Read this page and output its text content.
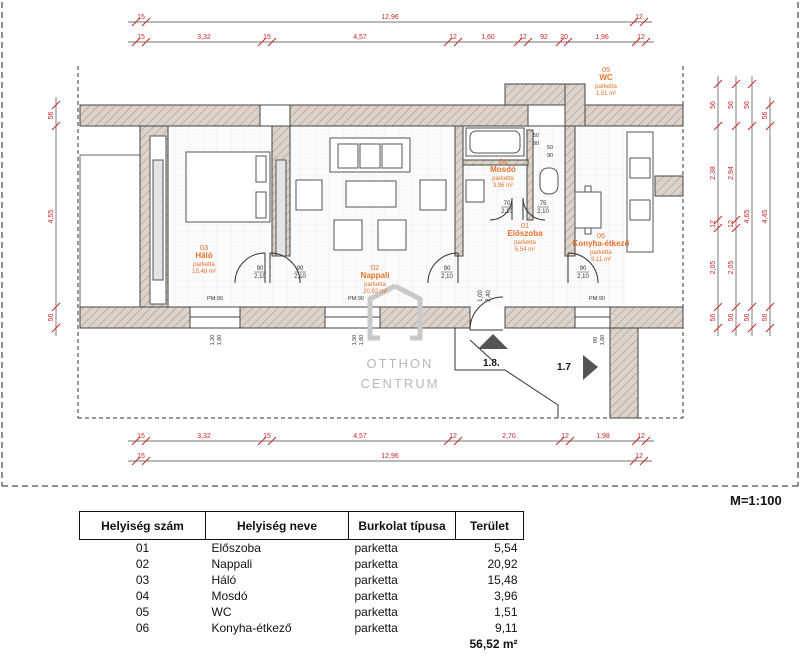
1.8.	1.7
OTTHON
CENTRUM
15	12,96	12
15	3,32	15	4,57	12	1,60	12 92 20	1,96	12
15	3,32	15	4,57	12	2,70	12	1,98	12
15	12,96	12
56
4,55
56
56
2,38
12
2,05
56
56
2,94
12
2,05
56
56
4,65
56
56
4,45
56
01
Előszoba
parketta
5,54 m²
02
Nappali
parketta
20,92 m²
03
Háló
parketta
15,48 m²
04
Mosdó
parketta
3,96 m²
05
WC
parketta
1,51 m²
06
Konyha-étkező
parketta
9,11 m²
90
2,10
90
2,10
90
2,10
90
2,10
70
2,10
75
2,10
1,00 2,40
PM:90	PM:90	PM:90
1,20 1,60	1,50 1,60	90 1,60
50
90
50
90
M=1:100
Helyiség szám	Helyiség neve	Burkolat típusa	Terület
01	Előszoba	parketta	5,54
02	Nappali	parketta	20,92
03	Háló	parketta	15,48
04	Mosdó	parketta	3,96
05	WC	parketta	1,51
06	Konyha-étkező	parketta	9,11
			56,52 m²
